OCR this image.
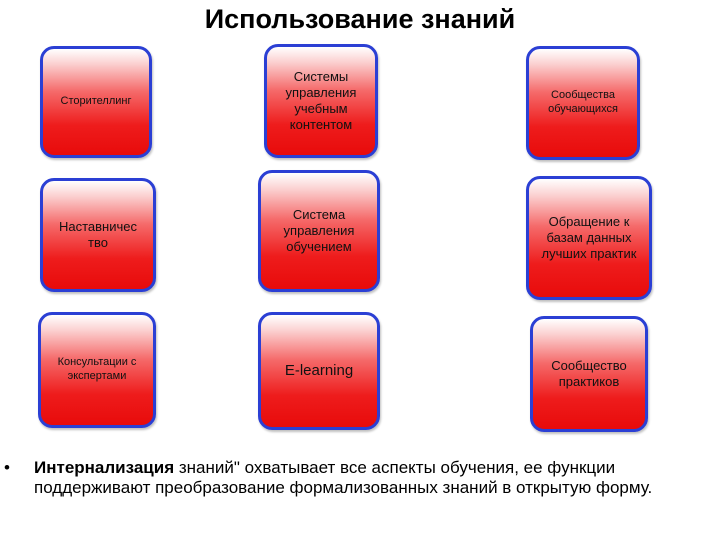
Использование знаний
Сторителлинг
Системы управления учебным контентом
Сообщества обучающихся
Наставничес тво
Система управления обучением
Обращение к базам данных лучших практик
Консультации с экспертами	E-learning	Сообщество практиков
•	Интернализация знаний" охватывает все аспекты обучения, ее функции поддерживают преобразование формализованных знаний в открытую форму.
